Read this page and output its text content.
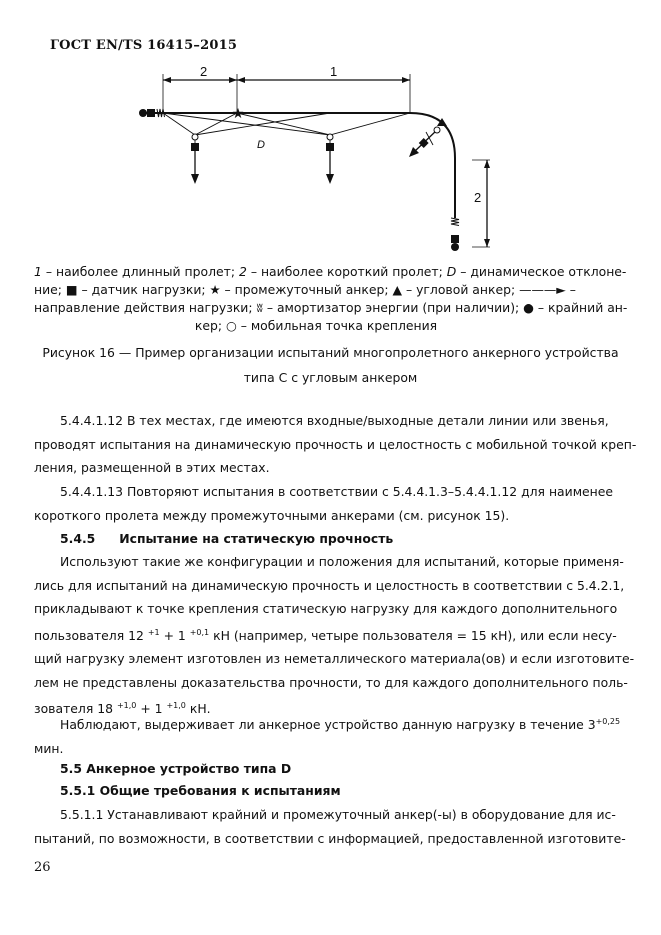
ГОСТ EN/TS 16415–2015
★
2	1
D
2
1 – наиболее длинный пролет; 2 – наиболее короткий пролет; D – динамическое отклоне-
ние; ■ – датчик нагрузки; ★ – промежуточный анкер; ▲ – угловой анкер; ———► –
направление действия нагрузки; ʬ – амортизатор энергии (при наличии); ● – крайний ан-
кер; ○ – мобильная точка крепления
Рисунок 16 — Пример организации испытаний многопролетного анкерного устройства
типа С с угловым анкером
5.4.4.1.12 В тех местах, где имеются входные/выходные детали линии или звенья,
проводят испытания на динамическую прочность и целостность с мобильной точкой креп-
ления, размещенной в этих местах.
5.4.4.1.13 Повторяют испытания в соответствии с 5.4.4.1.3–5.4.4.1.12 для наименее
короткого пролета между промежуточными анкерами (см. рисунок 15).
5.4.5 Испытание на статическую прочность
Используют такие же конфигурации и положения для испытаний, которые применя-
лись для испытаний на динамическую прочность и целостность в соответствии с 5.4.2.1,
прикладывают к точке крепления статическую нагрузку для каждого дополнительного
пользователя 12 $^{+1}$ + 1 $^{+0,1}$ кН (например, четыре пользователя = 15 кН), или если несу-
щий нагрузку элемент изготовлен из неметаллического материала(ов) и если изготовите-
лем не представлены доказательства прочности, то для каждого дополнительного поль-
зователя 18 $^{+1,0}$ + 1 $^{+1,0}$ кН.
Наблюдают, выдерживает ли анкерное устройство данную нагрузку в течение $3^{+0,25}$
мин.
5.5 Анкерное устройство типа D
5.5.1 Общие требования к испытаниям
5.5.1.1 Устанавливают крайний и промежуточный анкер(-ы) в оборудование для ис-
пытаний, по возможности, в соответствии с информацией, предоставленной изготовите-
26
